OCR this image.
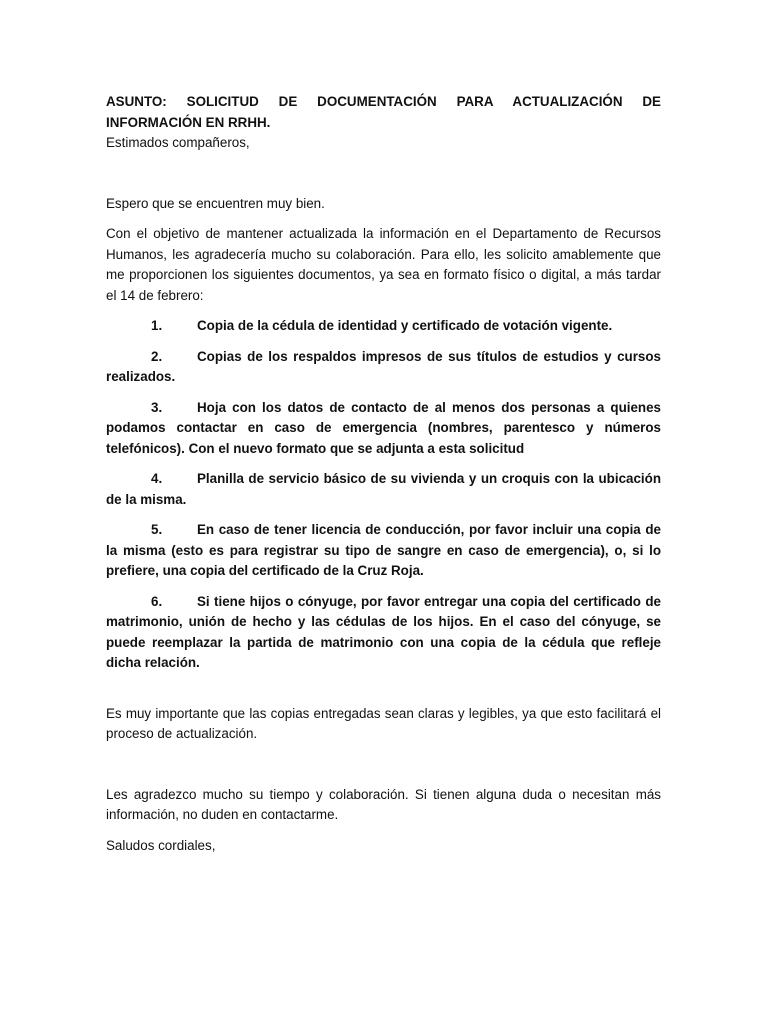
ASUNTO: SOLICITUD DE DOCUMENTACIÓN PARA ACTUALIZACIÓN DE INFORMACIÓN EN RRHH.

Estimados compañeros,

Espero que se encuentren muy bien.

Con el objetivo de mantener actualizada la información en el Departamento de Recursos Humanos, les agradecería mucho su colaboración. Para ello, les solicito amablemente que me proporcionen los siguientes documentos, ya sea en formato físico o digital, a más tardar el 14 de febrero:

1.	Copia de la cédula de identidad y certificado de votación vigente.
2.	Copias de los respaldos impresos de sus títulos de estudios y cursos realizados.
3.	Hoja con los datos de contacto de al menos dos personas a quienes podamos contactar en caso de emergencia (nombres, parentesco y números telefónicos). Con el nuevo formato que se adjunta a esta solicitud
4.	Planilla de servicio básico de su vivienda y un croquis con la ubicación de la misma.
5.	En caso de tener licencia de conducción, por favor incluir una copia de la misma (esto es para registrar su tipo de sangre en caso de emergencia), o, si lo prefiere, una copia del certificado de la Cruz Roja.
6.	Si tiene hijos o cónyuge, por favor entregar una copia del certificado de matrimonio, unión de hecho y las cédulas de los hijos. En el caso del cónyuge, se puede reemplazar la partida de matrimonio con una copia de la cédula que refleje dicha relación.

Es muy importante que las copias entregadas sean claras y legibles, ya que esto facilitará el proceso de actualización.

Les agradezco mucho su tiempo y colaboración. Si tienen alguna duda o necesitan más información, no duden en contactarme.

Saludos cordiales,
